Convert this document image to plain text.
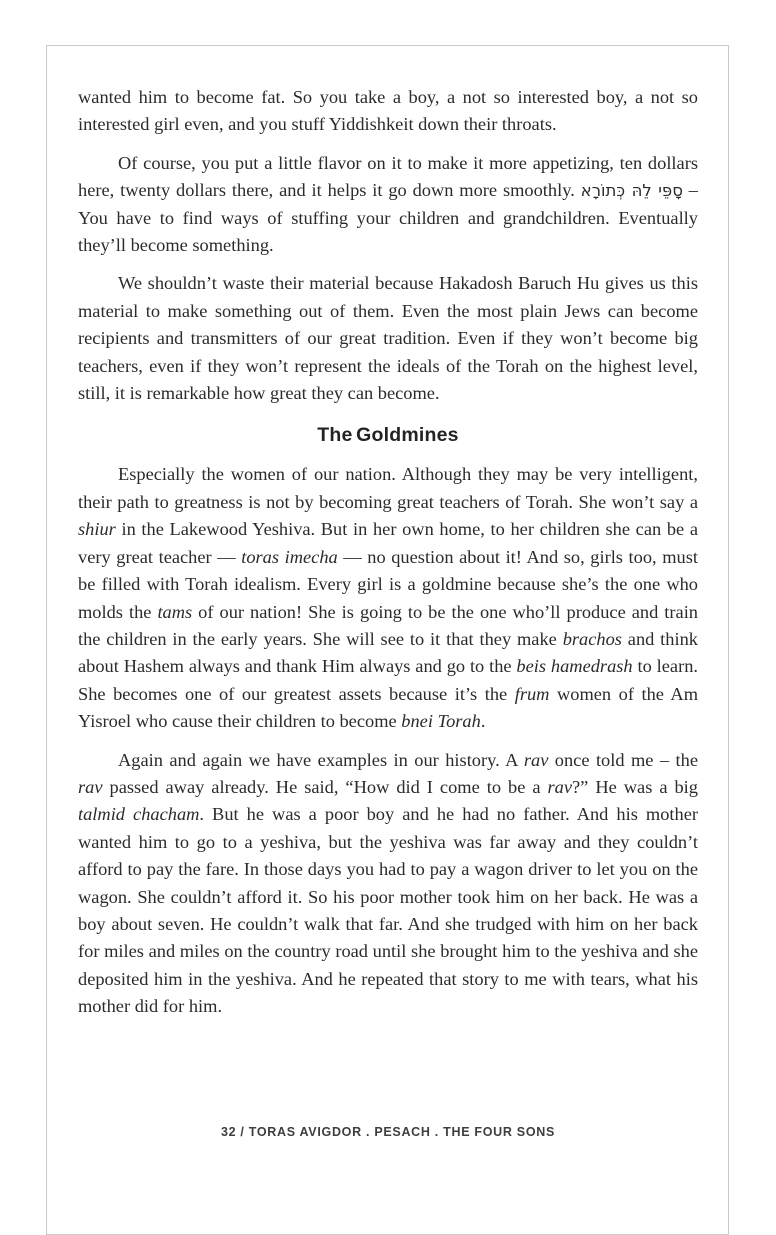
wanted him to become fat. So you take a boy, a not so interested boy, a not so interested girl even, and you stuff Yiddishkeit down their throats.

Of course, you put a little flavor on it to make it more appetizing, ten dollars here, twenty dollars there, and it helps it go down more smoothly. סָפֵּי לֵהּ כְּתוֹרָא – You have to find ways of stuffing your children and grandchildren. Eventually they’ll become something.

We shouldn’t waste their material because Hakadosh Baruch Hu gives us this material to make something out of them. Even the most plain Jews can become recipients and transmitters of our great tradition. Even if they won’t become big teachers, even if they won’t represent the ideals of the Torah on the highest level, still, it is remarkable how great they can become.

The Goldmines

Especially the women of our nation. Although they may be very intelligent, their path to greatness is not by becoming great teachers of Torah. She won’t say a shiur in the Lakewood Yeshiva. But in her own home, to her children she can be a very great teacher — toras imecha — no question about it! And so, girls too, must be filled with Torah idealism. Every girl is a goldmine because she’s the one who molds the tams of our nation! She is going to be the one who’ll produce and train the children in the early years. She will see to it that they make brachos and think about Hashem always and thank Him always and go to the beis hamedrash to learn. She becomes one of our greatest assets because it’s the frum women of the Am Yisroel who cause their children to become bnei Torah.

Again and again we have examples in our history. A rav once told me – the rav passed away already. He said, “How did I come to be a rav?” He was a big talmid chacham. But he was a poor boy and he had no father. And his mother wanted him to go to a yeshiva, but the yeshiva was far away and they couldn’t afford to pay the fare. In those days you had to pay a wagon driver to let you on the wagon. She couldn’t afford it. So his poor mother took him on her back. He was a boy about seven. He couldn’t walk that far. And she trudged with him on her back for miles and miles on the country road until she brought him to the yeshiva and she deposited him in the yeshiva. And he repeated that story to me with tears, what his mother did for him.

32 / TORAS AVIGDOR . PESACH . THE FOUR SONS
